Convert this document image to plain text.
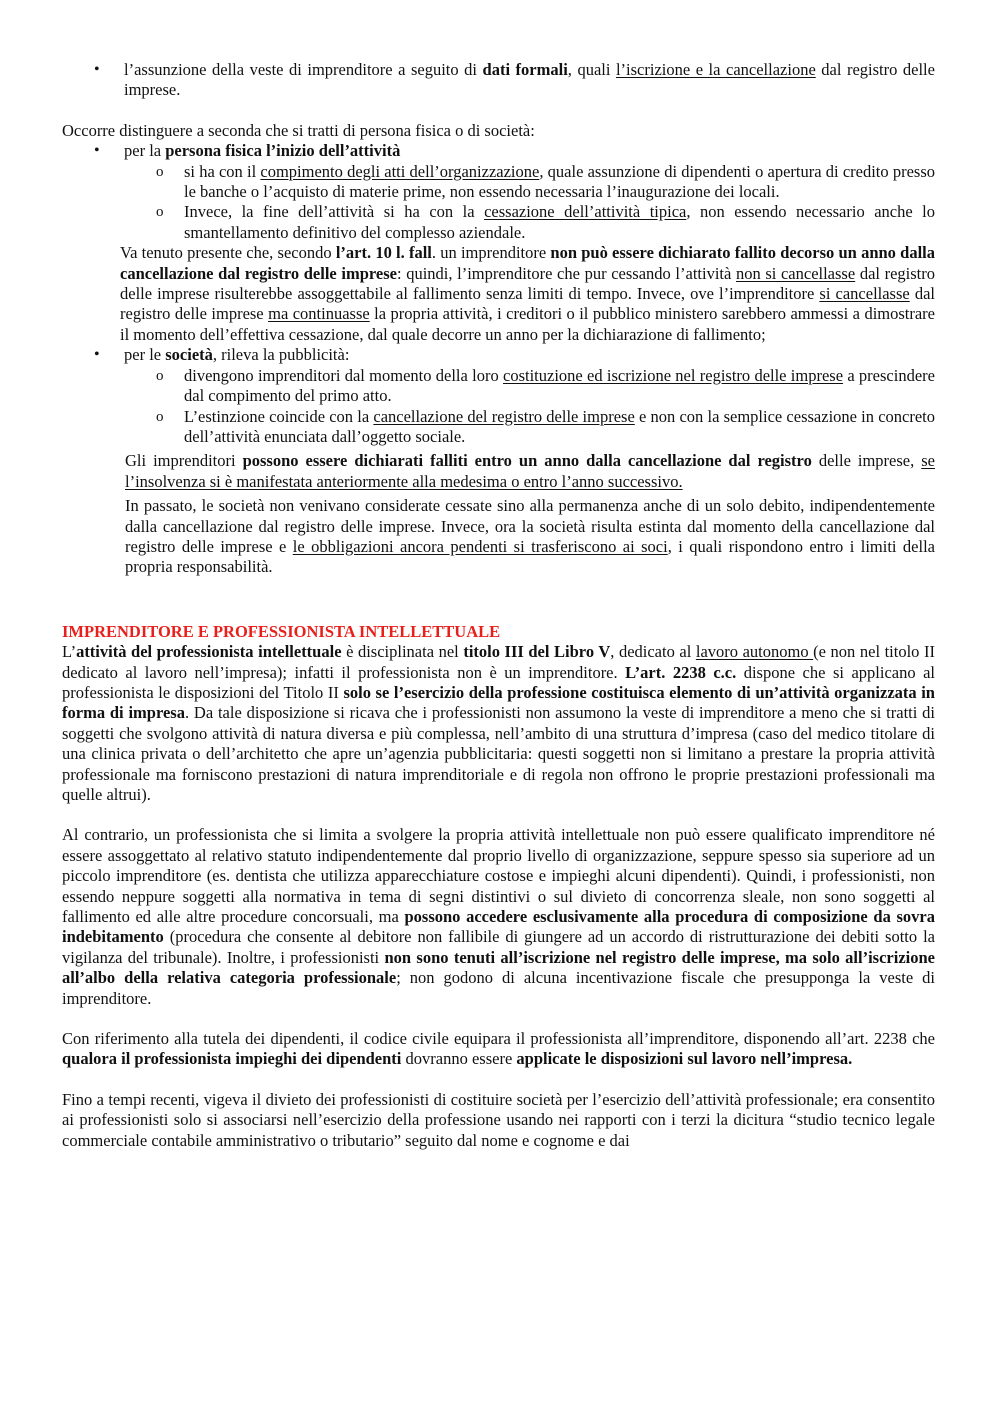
• l’assunzione della veste di imprenditore a seguito di dati formali, quali l’iscrizione e la cancellazione dal registro delle imprese.

Occorre distinguere a seconda che si tratti di persona fisica o di società:

• per la persona fisica l’inizio dell’attività
o si ha con il compimento degli atti dell’organizzazione, quale assunzione di dipendenti o apertura di credito presso le banche o l’acquisto di materie prime, non essendo necessaria l’inaugurazione dei locali.
o Invece, la fine dell’attività si ha con la cessazione dell’attività tipica, non essendo necessario anche lo smantellamento definitivo del complesso aziendale.

Va tenuto presente che, secondo l’art. 10 l. fall. un imprenditore non può essere dichiarato fallito decorso un anno dalla cancellazione dal registro delle imprese: quindi, l’imprenditore che pur cessando l’attività non si cancellasse dal registro delle imprese risulterebbe assoggettabile al fallimento senza limiti di tempo. Invece, ove l’imprenditore si cancellasse dal registro delle imprese ma continuasse la propria attività, i creditori o il pubblico ministero sarebbero ammessi a dimostrare il momento dell’effettiva cessazione, dal quale decorre un anno per la dichiarazione di fallimento;

• per le società, rileva la pubblicità:
o divengono imprenditori dal momento della loro costituzione ed iscrizione nel registro delle imprese a prescindere dal compimento del primo atto.
o L’estinzione coincide con la cancellazione del registro delle imprese e non con la semplice cessazione in concreto dell’attività enunciata dall’oggetto sociale.

Gli imprenditori possono essere dichiarati falliti entro un anno dalla cancellazione dal registro delle imprese, se l’insolvenza si è manifestata anteriormente alla medesima o entro l’anno successivo.

In passato, le società non venivano considerate cessate sino alla permanenza anche di un solo debito, indipendentemente dalla cancellazione dal registro delle imprese. Invece, ora la società risulta estinta dal momento della cancellazione dal registro delle imprese e le obbligazioni ancora pendenti si trasferiscono ai soci, i quali rispondono entro i limiti della propria responsabilità.

IMPRENDITORE E PROFESSIONISTA INTELLETTUALE

L’attività del professionista intellettuale è disciplinata nel titolo III del Libro V, dedicato al lavoro autonomo (e non nel titolo II dedicato al lavoro nell’impresa); infatti il professionista non è un imprenditore. L’art. 2238 c.c. dispone che si applicano al professionista le disposizioni del Titolo II solo se l’esercizio della professione costituisca elemento di un’attività organizzata in forma di impresa. Da tale disposizione si ricava che i professionisti non assumono la veste di imprenditore a meno che si tratti di soggetti che svolgono attività di natura diversa e più complessa, nell’ambito di una struttura d’impresa (caso del medico titolare di una clinica privata o dell’architetto che apre un’agenzia pubblicitaria: questi soggetti non si limitano a prestare la propria attività professionale ma forniscono prestazioni di natura imprenditoriale e di regola non offrono le proprie prestazioni professionali ma quelle altrui).

Al contrario, un professionista che si limita a svolgere la propria attività intellettuale non può essere qualificato imprenditore né essere assoggettato al relativo statuto indipendentemente dal proprio livello di organizzazione, seppure spesso sia superiore ad un piccolo imprenditore (es. dentista che utilizza apparecchiature costose e impieghi alcuni dipendenti). Quindi, i professionisti, non essendo neppure soggetti alla normativa in tema di segni distintivi o sul divieto di concorrenza sleale, non sono soggetti al fallimento ed alle altre procedure concorsuali, ma possono accedere esclusivamente alla procedura di composizione da sovra indebitamento (procedura che consente al debitore non fallibile di giungere ad un accordo di ristrutturazione dei debiti sotto la vigilanza del tribunale). Inoltre, i professionisti non sono tenuti all’iscrizione nel registro delle imprese, ma solo all’iscrizione all’albo della relativa categoria professionale; non godono di alcuna incentivazione fiscale che presupponga la veste di imprenditore.

Con riferimento alla tutela dei dipendenti, il codice civile equipara il professionista all’imprenditore, disponendo all’art. 2238 che qualora il professionista impieghi dei dipendenti dovranno essere applicate le disposizioni sul lavoro nell’impresa.

Fino a tempi recenti, vigeva il divieto dei professionisti di costituire società per l’esercizio dell’attività professionale; era consentito ai professionisti solo si associarsi nell’esercizio della professione usando nei rapporti con i terzi la dicitura “studio tecnico legale commerciale contabile amministrativo o tributario” seguito dal nome e cognome e dai
